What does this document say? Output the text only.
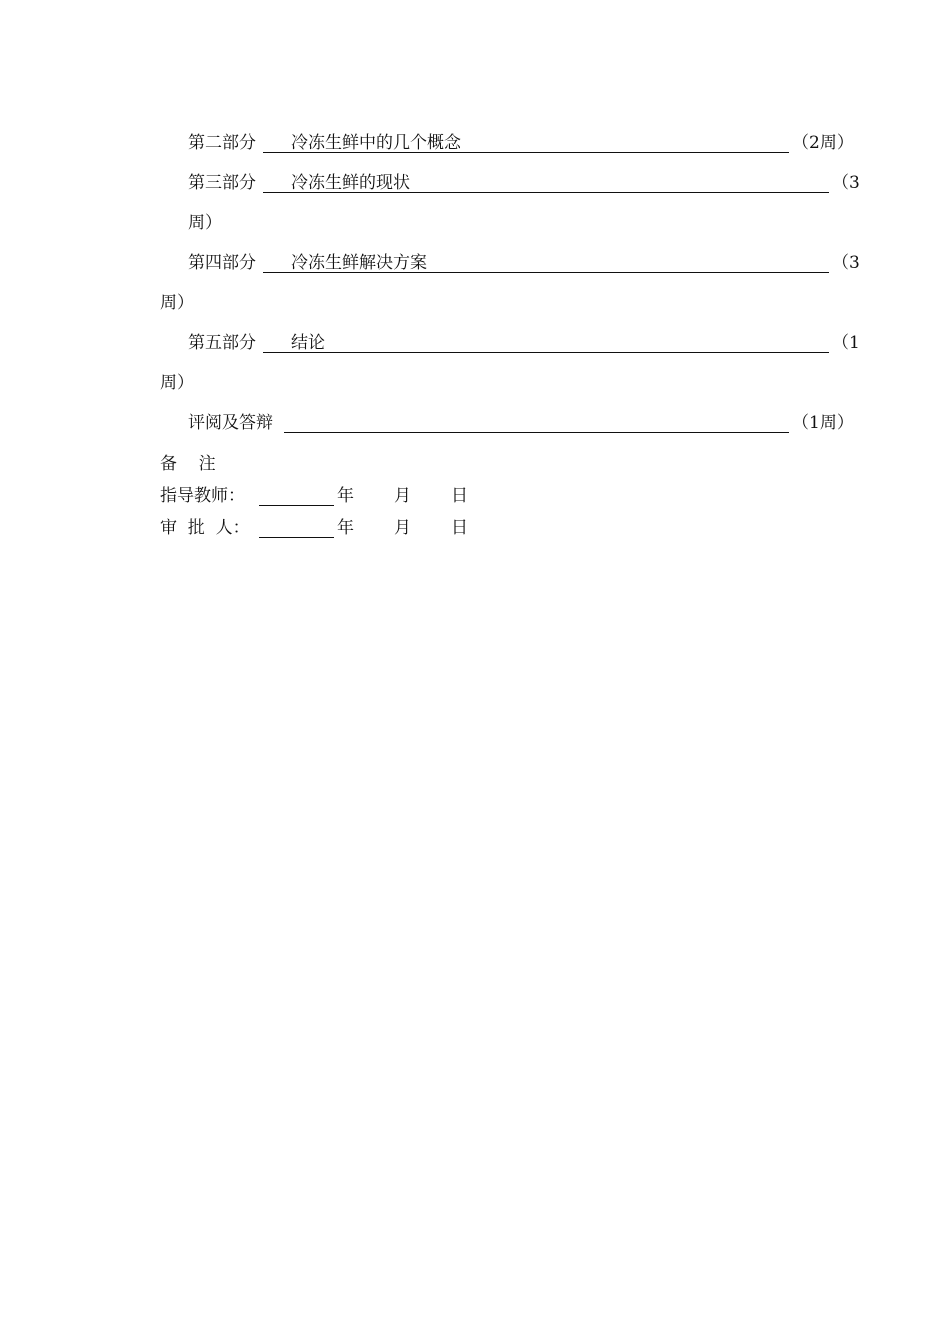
第二部分 冷冻生鲜中的几个概念	（2周）
第三部分 冷冻生鲜的现状	（3
周）
第四部分 冷冻生鲜解决方案	（3
周）
第五部分 结论	（1
周）
评阅及答辩	（1周）
备    注
指导教师：	年 月 日
审  批  人：	年 月 日
